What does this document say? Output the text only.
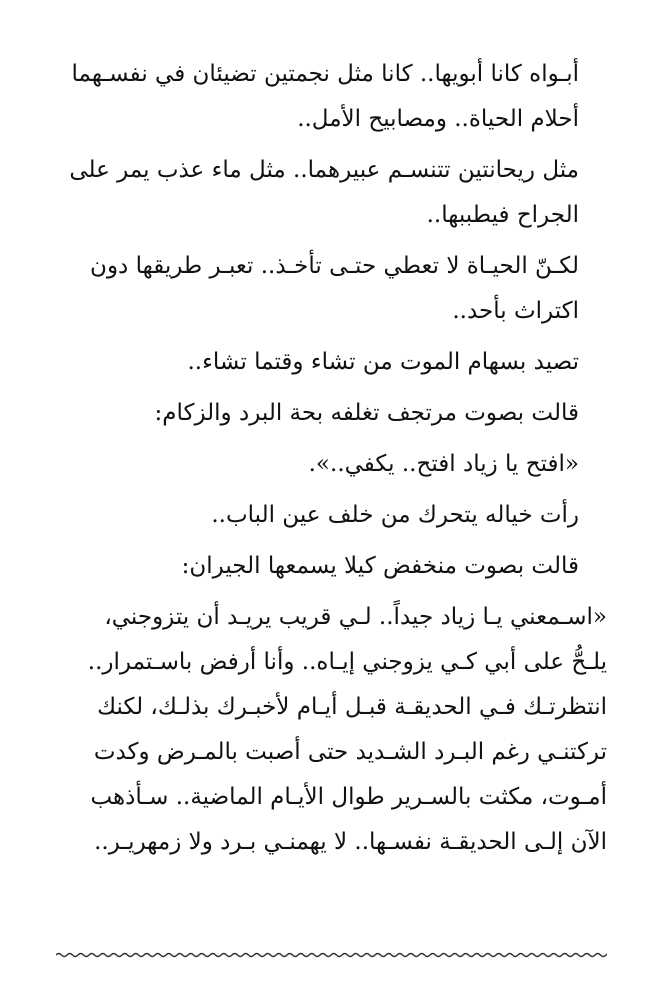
أبـواه كانا أبويها.. كانا مثل نجمتين تضيئان في نفسـهما
أحلام الحياة.. ومصابيح الأمل..

مثل ريحانتين تتنسـم عبيرهما.. مثل ماء عذب يمر على
الجراح فيطببها..

لكـنّ الحيـاة لا تعطي حتـى تأخـذ.. تعبـر طريقها دون
اكتراث بأحد..

تصيد بسهام الموت من تشاء وقتما تشاء..

قالت بصوت مرتجف تغلفه بحة البرد والزكام:

«افتح يا زياد افتح.. يكفي..».

رأت خياله يتحرك من خلف عين الباب..

قالت بصوت منخفض كيلا يسمعها الجيران:

«اسـمعني يـا زياد جيداً.. لـي قريب يريـد أن يتزوجني،
يلـحُّ على أبي كـي يزوجني إيـاه.. وأنا أرفض باسـتمرار..
انتظرتـك فـي الحديقـة قبـل أيـام لأخبـرك بذلـك، لكنك
تركتنـي رغم البـرد الشـديد حتى أصبت بالمـرض وكدت
أمـوت، مكثت بالسـرير طوال الأيـام الماضية.. سـأذهب
الآن إلـى الحديقـة نفسـها.. لا يهمنـي بـرد ولا زمهريـر..
